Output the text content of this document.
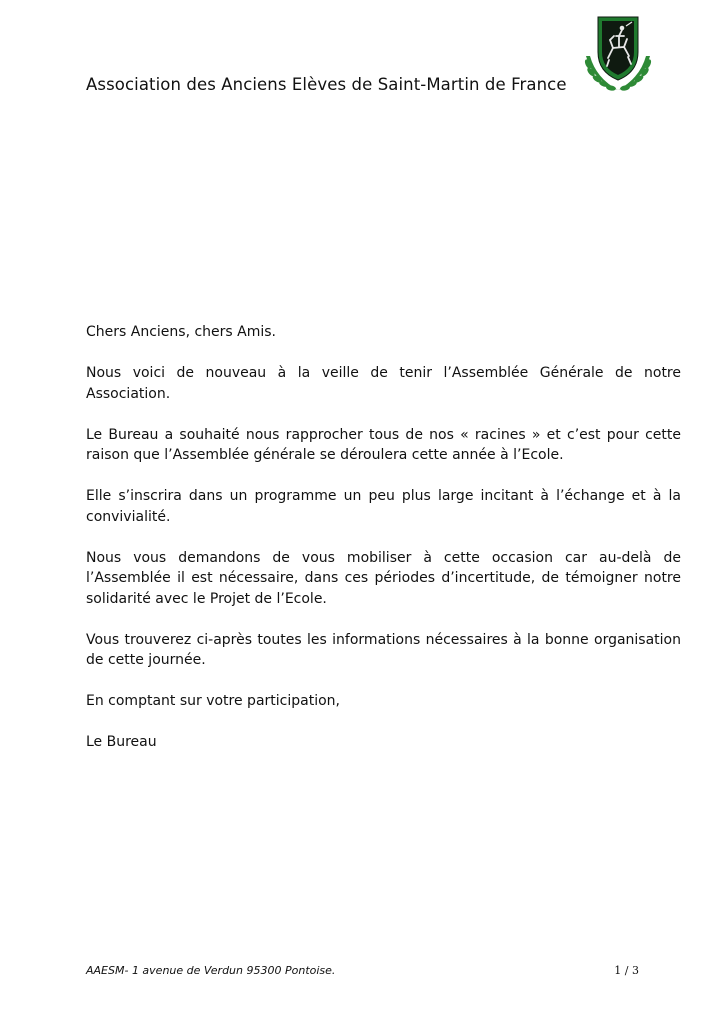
Association des Anciens Elèves de Saint-Martin de France

Chers Anciens, chers Amis.

Nous voici de nouveau à la veille de tenir l’Assemblée Générale de notre Association.

Le Bureau a souhaité nous rapprocher tous de nos « racines » et c’est pour cette raison que l’Assemblée générale se déroulera cette année à l’Ecole.

Elle s’inscrira dans un programme un peu plus large incitant à l’échange et à la convivialité.

Nous vous demandons de vous mobiliser à cette occasion car au-delà de l’Assemblée il est nécessaire, dans ces périodes d’incertitude, de témoigner notre solidarité avec le Projet de l’Ecole.

Vous trouverez ci-après toutes les informations nécessaires à la bonne organisation de cette journée.

En comptant sur votre participation,

Le Bureau

AAESM- 1 avenue de Verdun 95300 Pontoise.	1 / 3
